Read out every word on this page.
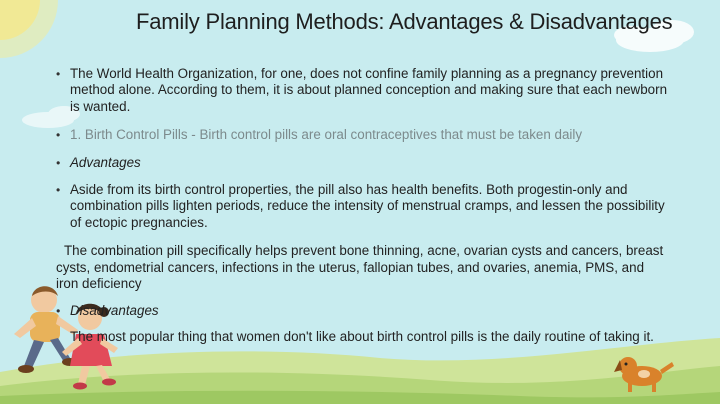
Family Planning Methods: Advantages & Disadvantages

• The World Health Organization, for one, does not confine family planning as a pregnancy prevention method alone. According to them, it is about planned conception and making sure that each newborn is wanted.

• 1. Birth Control Pills - Birth control pills are oral contraceptives that must be taken daily

• Advantages

• Aside from its birth control properties, the pill also has health benefits. Both progestin-only and combination pills lighten periods, reduce the intensity of menstrual cramps, and lessen the possibility of ectopic pregnancies.

The combination pill specifically helps prevent bone thinning, acne, ovarian cysts and cancers, breast cysts, endometrial cancers, infections in the uterus, fallopian tubes, and ovaries, anemia, PMS, and iron deficiency

• Disadvantages

The most popular thing that women don't like about birth control pills is the daily routine of taking it.
